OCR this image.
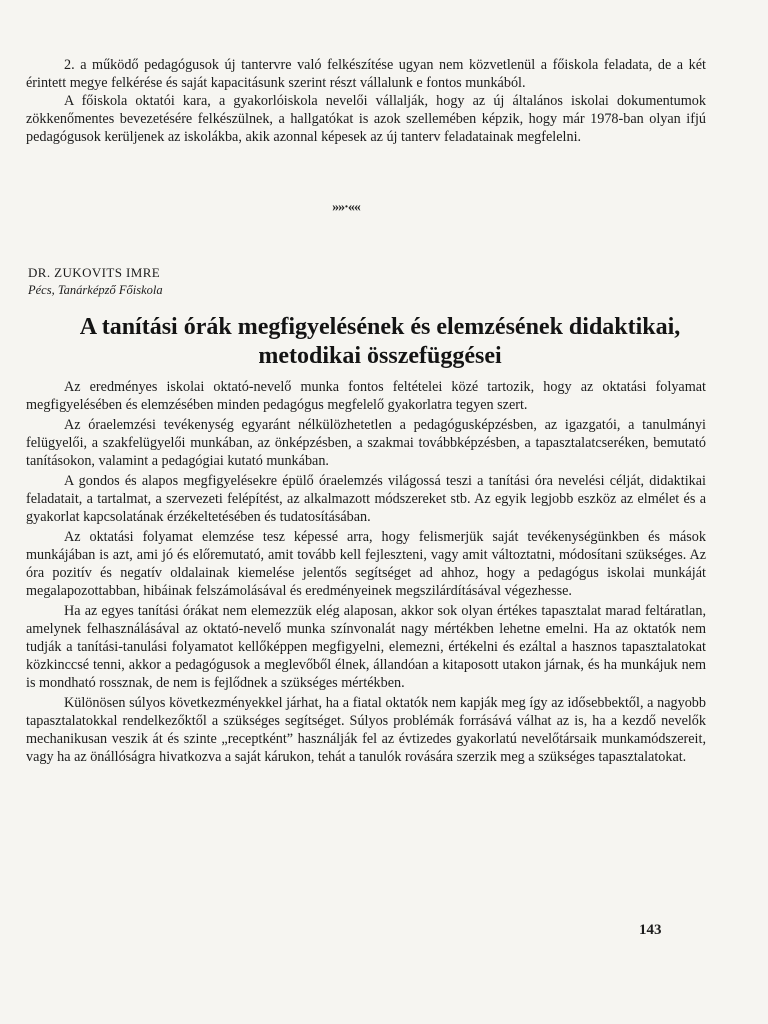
2. a működő pedagógusok új tantervre való felkészítése ugyan nem közvetlenül a főiskola feladata, de a két érintett megye felkérése és saját kapacitásunk szerint részt vállalunk e fontos munkából.

A főiskola oktatói kara, a gyakorlóiskola nevelői vállalják, hogy az új általános iskolai dokumentumok zökkenőmentes bevezetésére felkészülnek, a hallgatókat is azok szellemében képzik, hogy már 1978-ban olyan ifjú pedagógusok kerüljenek az iskolákba, akik azonnal képesek az új tanterv feladatainak megfelelni.

»»·««

DR. ZUKOVITS IMRE

Pécs, Tanárképző Főiskola

A tanítási órák megfigyelésének és elemzésének didaktikai, metodikai összefüggései

Az eredményes iskolai oktató-nevelő munka fontos feltételei közé tartozik, hogy az oktatási folyamat megfigyelésében és elemzésében minden pedagógus megfelelő gyakorlatra tegyen szert.

Az óraelemzési tevékenység egyaránt nélkülözhetetlen a pedagógusképzésben, az igazgatói, a tanulmányi felügyelői, a szakfelügyelői munkában, az önképzésben, a szakmai továbbképzésben, a tapasztalatcseréken, bemutató tanításokon, valamint a pedagógiai kutató munkában.

A gondos és alapos megfigyelésekre épülő óraelemzés világossá teszi a tanítási óra nevelési célját, didaktikai feladatait, a tartalmat, a szervezeti felépítést, az alkalmazott módszereket stb. Az egyik legjobb eszköz az elmélet és a gyakorlat kapcsolatának érzékeltetésében és tudatosításában.

Az oktatási folyamat elemzése tesz képessé arra, hogy felismerjük saját tevékenységünkben és mások munkájában is azt, ami jó és előremutató, amit tovább kell fejleszteni, vagy amit változtatni, módosítani szükséges. Az óra pozitív és negatív oldalainak kiemelése jelentős segítséget ad ahhoz, hogy a pedagógus iskolai munkáját megalapozottabban, hibáinak felszámolásával és eredményeinek megszilárdításával végezhesse.

Ha az egyes tanítási órákat nem elemezzük elég alaposan, akkor sok olyan értékes tapasztalat marad feltáratlan, amelynek felhasználásával az oktató-nevelő munka színvonalát nagy mértékben lehetne emelni. Ha az oktatók nem tudják a tanítási-tanulási folyamatot kellőképpen megfigyelni, elemezni, értékelni és ezáltal a hasznos tapasztalatokat közkinccsé tenni, akkor a pedagógusok a meglevőből élnek, állandóan a kitaposott utakon járnak, és ha munkájuk nem is mondható rossznak, de nem is fejlődnek a szükséges mértékben.

Különösen súlyos következményekkel járhat, ha a fiatal oktatók nem kapják meg így az idősebbektől, a nagyobb tapasztalatokkal rendelkezőktől a szükséges segítséget. Súlyos problémák forrásává válhat az is, ha a kezdő nevelők mechanikusan veszik át és szinte „receptként” használják fel az évtizedes gyakorlatú nevelőtársaik munkamódszereit, vagy ha az önállóságra hivatkozva a saját kárukon, tehát a tanulók rovására szerzik meg a szükséges tapasztalatokat.

143
